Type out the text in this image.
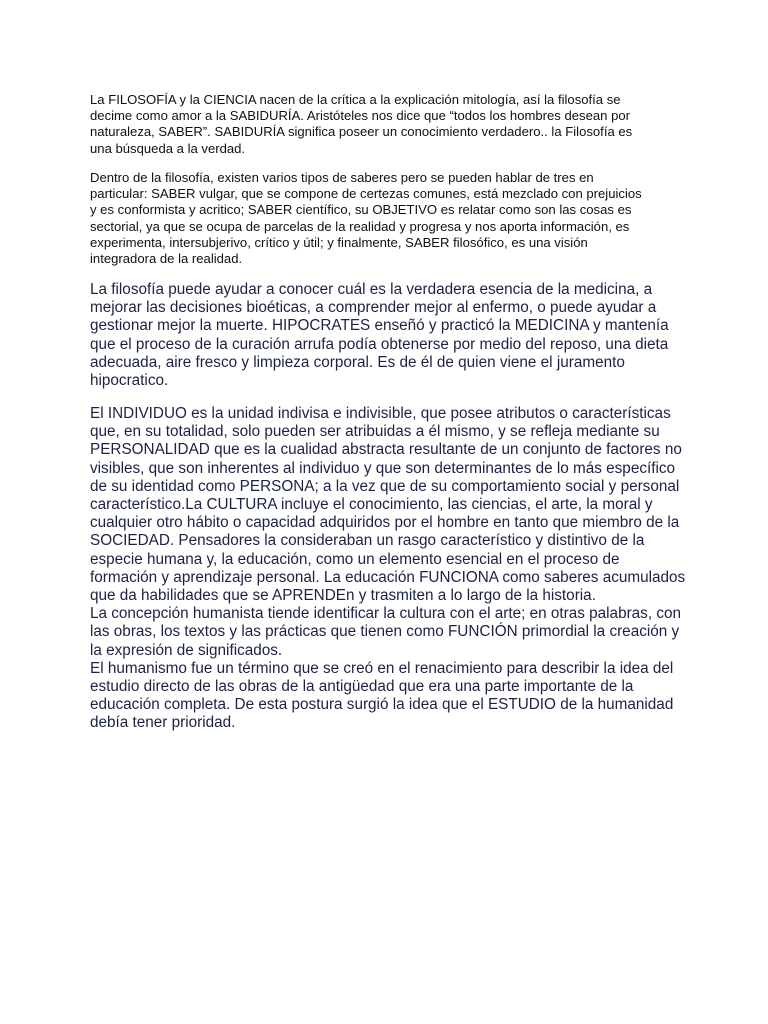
La FILOSOFÍA y la CIENCIA nacen de la crítica a la explicación mitología, así la filosofía se
decime como amor a la SABIDURÍA. Aristóteles nos dice que “todos los hombres desean por
naturaleza, SABER”. SABIDURÍA significa poseer un conocimiento verdadero.. la Filosofía es
una búsqueda a la verdad.

Dentro de la filosofía, existen varios tipos de saberes pero se pueden hablar de tres en
particular: SABER vulgar, que se compone de certezas comunes, está mezclado con prejuicios
y es conformista y acritico; SABER científico, su OBJETIVO es relatar como son las cosas es
sectorial, ya que se ocupa de parcelas de la realidad y progresa y nos aporta información, es
experimenta, intersubjerivo, crítico y útil; y finalmente, SABER filosófico, es una visión
integradora de la realidad.

La filosofía puede ayudar a conocer cuál es la verdadera esencia de la medicina, a
mejorar las decisiones bioéticas, a comprender mejor al enfermo, o puede ayudar a
gestionar mejor la muerte. HIPOCRATES enseñó y practicó la MEDICINA y mantenía
que el proceso de la curación arrufa podía obtenerse por medio del reposo, una dieta
adecuada, aire fresco y limpieza corporal. Es de él de quien viene el juramento
hipocratico.

El INDIVIDUO es la unidad indivisa e indivisible, que posee atributos o características
que, en su totalidad, solo pueden ser atribuidas a él mismo, y se refleja mediante su
PERSONALIDAD que es la cualidad abstracta resultante de un conjunto de factores no
visibles, que son inherentes al individuo y que son determinantes de lo más específico
de su identidad como PERSONA; a la vez que de su comportamiento social y personal
característico.La CULTURA incluye el conocimiento, las ciencias, el arte, la moral y
cualquier otro hábito o capacidad adquiridos por el hombre en tanto que miembro de la
SOCIEDAD. Pensadores la consideraban un rasgo característico y distintivo de la
especie humana y, la educación, como un elemento esencial en el proceso de
formación y aprendizaje personal. La educación FUNCIONA como saberes acumulados
que da habilidades que se APRENDEn y trasmiten a lo largo de la historia.
La concepción humanista tiende identificar la cultura con el arte; en otras palabras, con
las obras, los textos y las prácticas que tienen como FUNCIÓN primordial la creación y
la expresión de significados.
El humanismo fue un término que se creó en el renacimiento para describir la idea del
estudio directo de las obras de la antigüedad que era una parte importante de la
educación completa. De esta postura surgió la idea que el ESTUDIO de la humanidad
debía tener prioridad.
